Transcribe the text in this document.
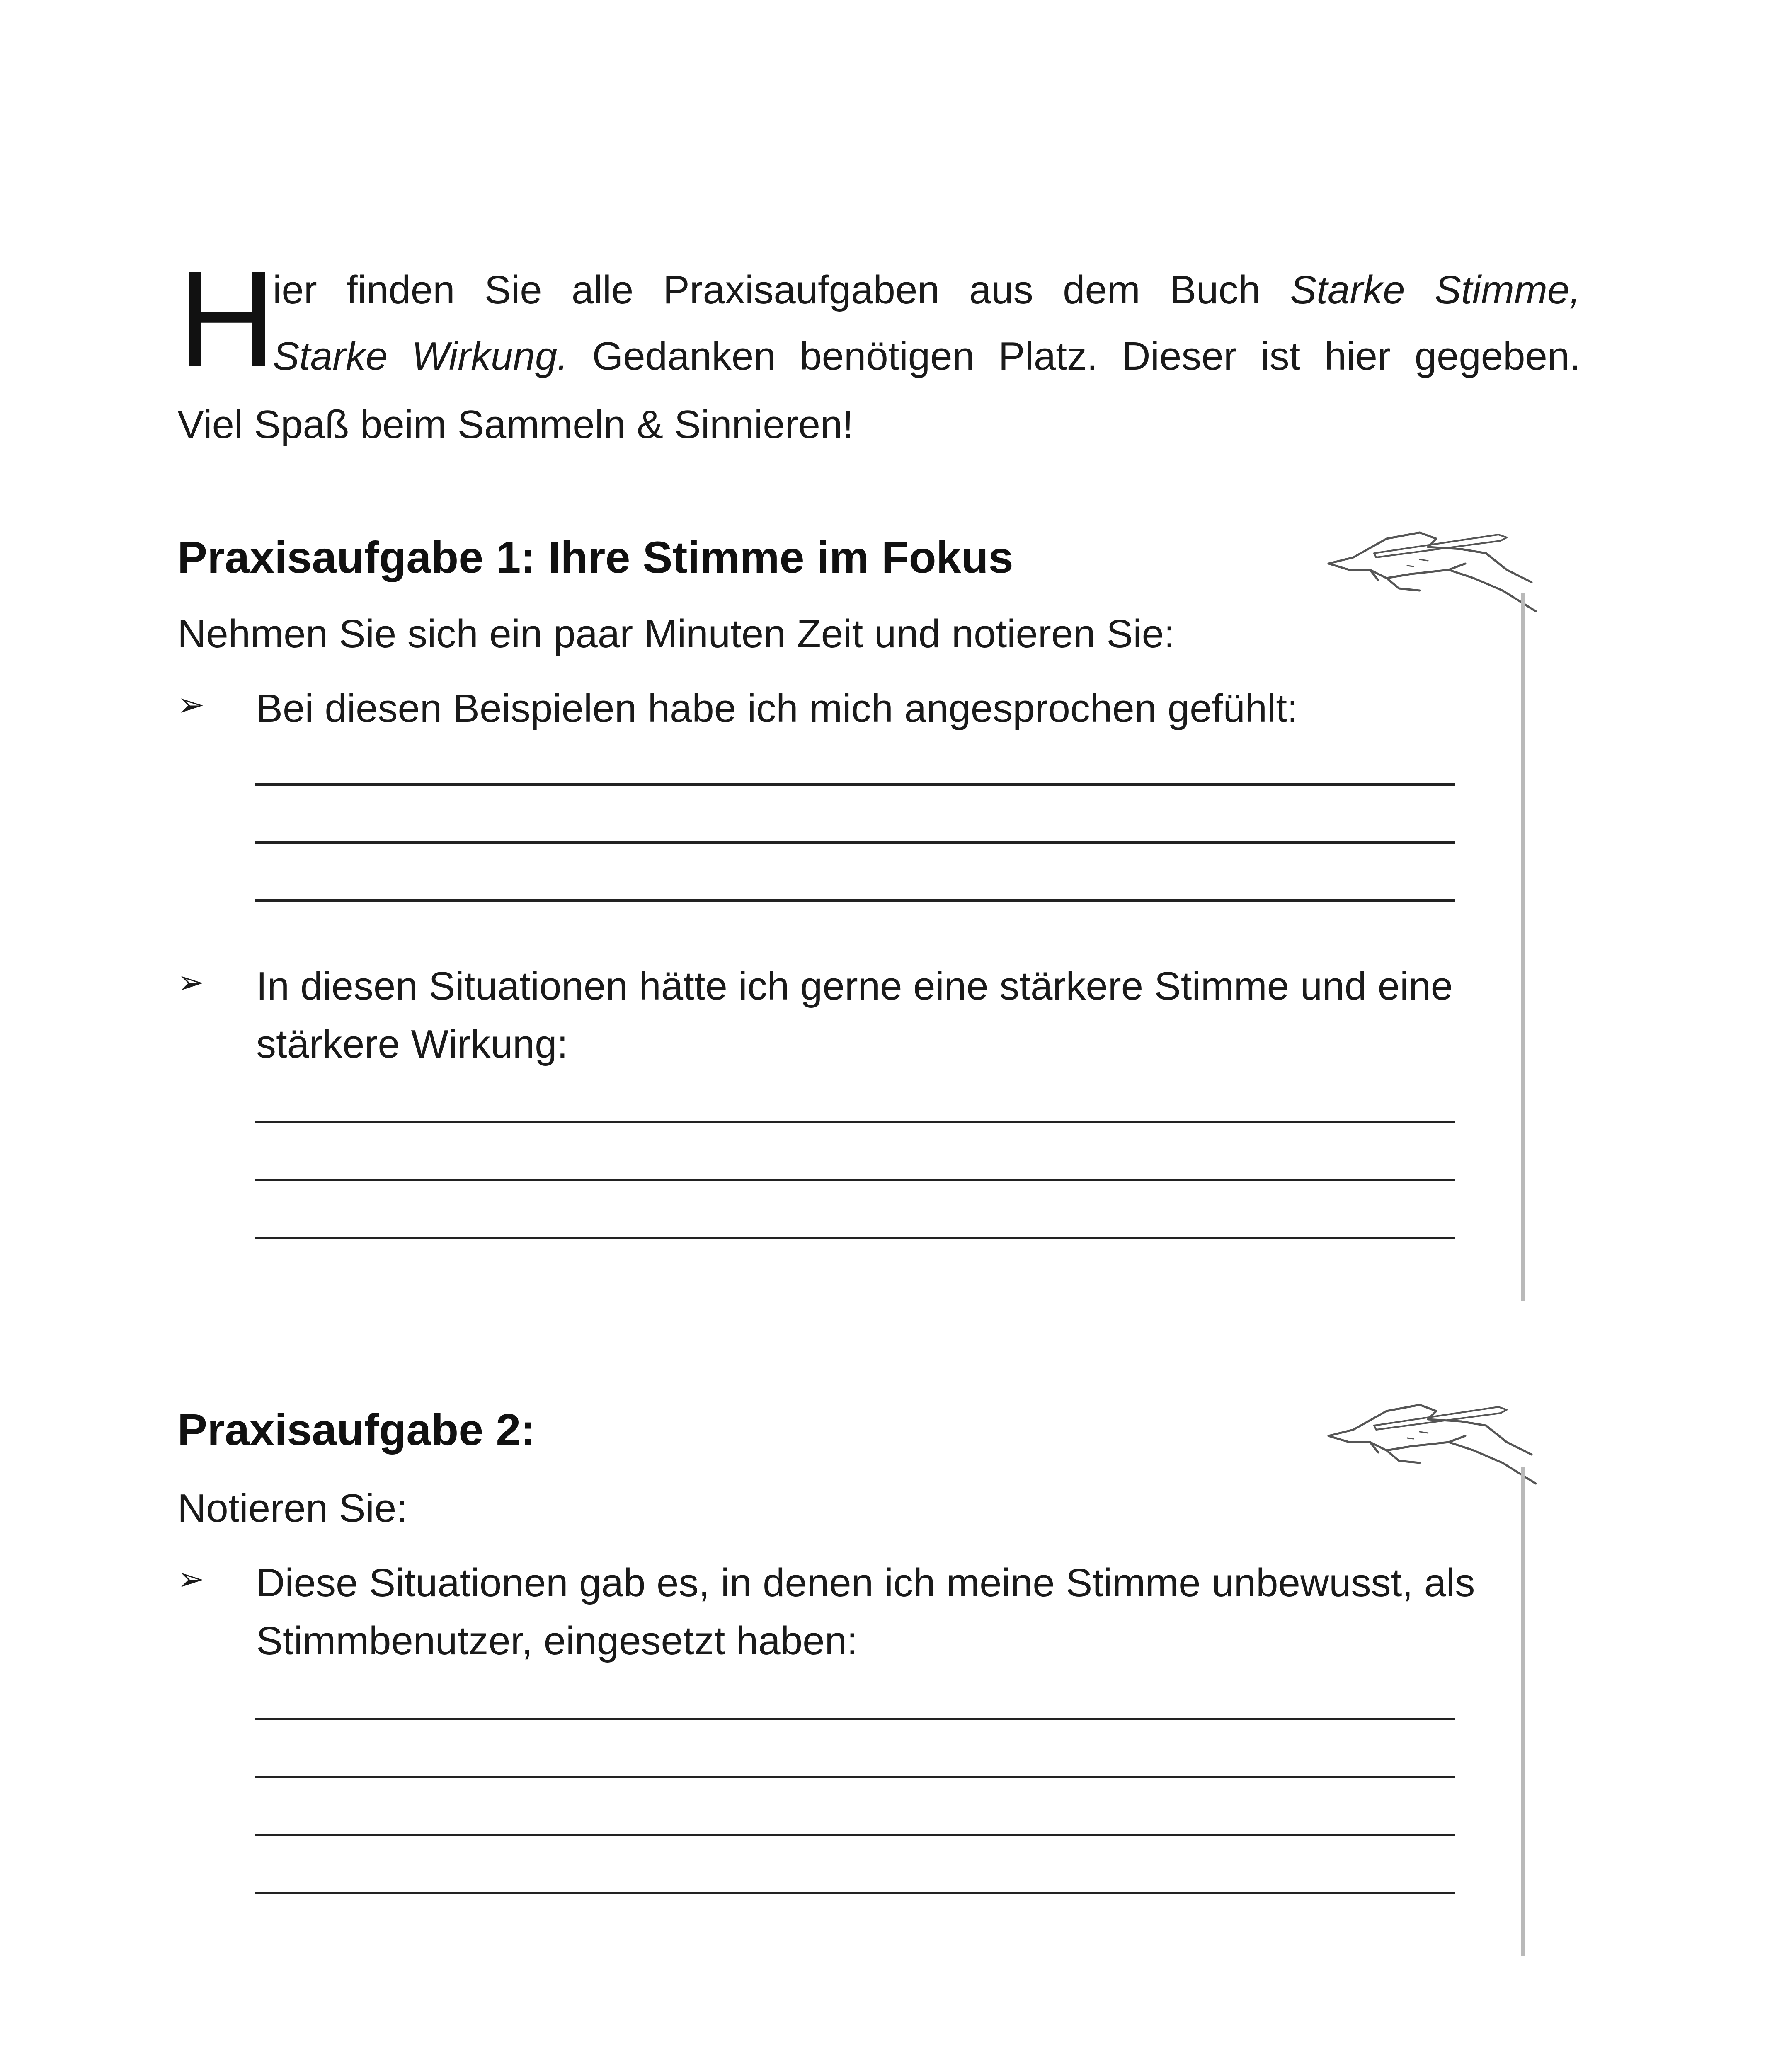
H
ier finden Sie alle Praxisaufgaben aus dem Buch Starke Stimme,
Starke Wirkung. Gedanken benötigen Platz. Dieser ist hier gegeben.
Viel Spaß beim Sammeln & Sinnieren!
Praxisaufgabe 1: Ihre Stimme im Fokus
Nehmen Sie sich ein paar Minuten Zeit und notieren Sie:
➢ Bei diesen Beispielen habe ich mich angesprochen gefühlt:
➢ In diesen Situationen hätte ich gerne eine stärkere Stimme und eine stärkere Wirkung:
Praxisaufgabe 2:
Notieren Sie:
➢ Diese Situationen gab es, in denen ich meine Stimme unbewusst, als Stimmbenutzer, eingesetzt haben:
